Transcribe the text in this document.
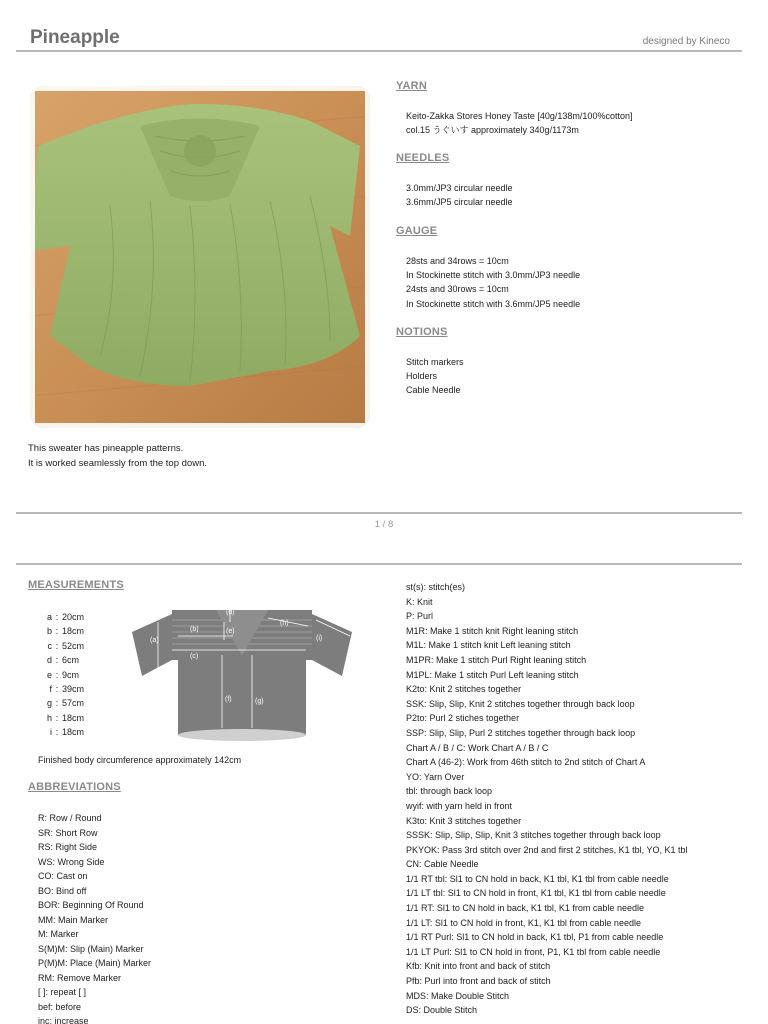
Pineapple	designed by Kineco
This sweater has pineapple patterns.
It is worked seamlessly from the top down.
YARN
Keito-Zakka Stores Honey Taste [40g/138m/100%cotton]
col.15 うぐいす approximately 340g/1173m
NEEDLES
3.0mm/JP3 circular needle
3.6mm/JP5 circular needle
GAUGE
28sts and 34rows = 10cm
In Stockinette stitch with 3.0mm/JP3 needle
24sts and 30rows = 10cm
In Stockinette stitch with 3.6mm/JP5 needle
NOTIONS
Stitch markers
Holders
Cable Needle
1 / 8
MEASUREMENTS
a : 20cm
b : 18cm
c : 52cm
d : 6cm
e : 9cm
f : 39cm
g : 57cm
h : 18cm
i : 18cm
(a)
(b)
(c)
(d)
(e)
(f)	(g)
(h)
(i)
Finished body circumference approximately 142cm
ABBREVIATIONS
R: Row / Round
SR: Short Row
RS: Right Side
WS: Wrong Side
CO: Cast on
BO: Bind off
BOR: Beginning Of Round
MM: Main Marker
M: Marker
S(M)M: Slip (Main) Marker
P(M)M: Place (Main) Marker
RM: Remove Marker
[ ]: repeat [ ]
bef: before
inc: increase
st(s): stitch(es)
K: Knit
P: Purl
M1R: Make 1 stitch knit Right leaning stitch
M1L: Make 1 stitch knit Left leaning stitch
M1PR: Make 1 stitch Purl Right leaning stitch
M1PL: Make 1 stitch Purl Left leaning stitch
K2to: Knit 2 stitches together
SSK: Slip, Slip, Knit 2 stitches together through back loop
P2to: Purl 2 stiches together
SSP: Slip, Slip, Purl 2 stitches together through back loop
Chart A / B / C: Work Chart A / B / C
Chart A (46-2): Work from 46th stitch to 2nd stitch of Chart A
YO: Yarn Over
tbl: through back loop
wyif: with yarn held in front
K3to: Knit 3 stitches together
SSSK: Slip, Slip, Slip, Knit 3 stitches together through back loop
PKYOK: Pass 3rd stitch over 2nd and first 2 stitches, K1 tbl, YO, K1 tbl
CN: Cable Needle
1/1 RT tbl: Sl1 to CN hold in back, K1 tbl, K1 tbl from cable needle
1/1 LT tbl: Sl1 to CN hold in front, K1 tbl, K1 tbl from cable needle
1/1 RT: Sl1 to CN hold in back, K1 tbl, K1 from cable needle
1/1 LT: Sl1 to CN hold in front, K1, K1 tbl from cable needle
1/1 RT Purl: Sl1 to CN hold in back, K1 tbl, P1 from cable needle
1/1 LT Purl: Sl1 to CN hold in front, P1, K1 tbl from cable needle
Kfb: Knit into front and back of stitch
Pfb: Purl into front and back of stitch
MDS: Make Double Stitch
DS: Double Stitch
